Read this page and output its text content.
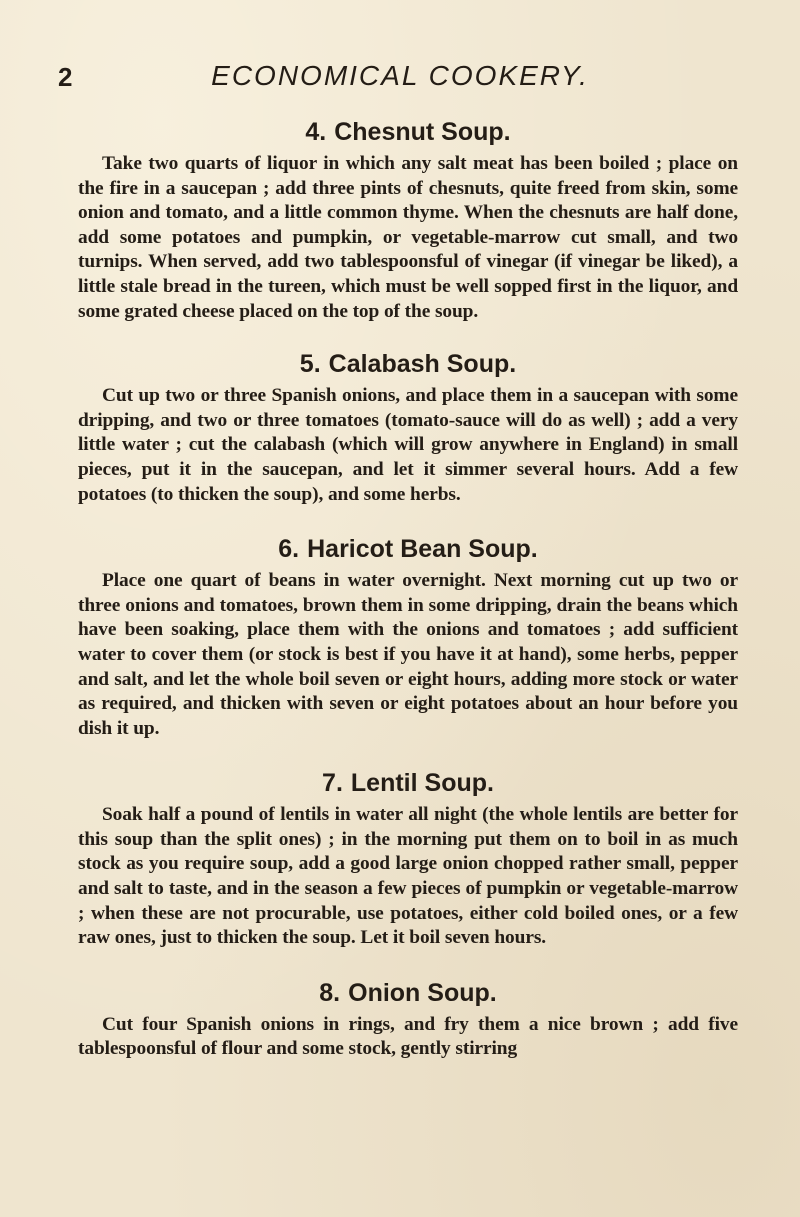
2	ECONOMICAL COOKERY.
4. Chesnut Soup.

Take two quarts of liquor in which any salt meat has been boiled ; place on the fire in a saucepan ; add three pints of chesnuts, quite freed from skin, some onion and tomato, and a little common thyme. When the chesnuts are half done, add some potatoes and pumpkin, or vegetable-marrow cut small, and two turnips. When served, add two tablespoonsful of vinegar (if vinegar be liked), a little stale bread in the tureen, which must be well sopped first in the liquor, and some grated cheese placed on the top of the soup.

5. Calabash Soup.

Cut up two or three Spanish onions, and place them in a saucepan with some dripping, and two or three tomatoes (tomato-sauce will do as well) ; add a very little water ; cut the calabash (which will grow anywhere in England) in small pieces, put it in the saucepan, and let it simmer several hours. Add a few potatoes (to thicken the soup), and some herbs.

6. Haricot Bean Soup.

Place one quart of beans in water overnight. Next morning cut up two or three onions and tomatoes, brown them in some dripping, drain the beans which have been soaking, place them with the onions and tomatoes ; add sufficient water to cover them (or stock is best if you have it at hand), some herbs, pepper and salt, and let the whole boil seven or eight hours, adding more stock or water as required, and thicken with seven or eight potatoes about an hour before you dish it up.

7. Lentil Soup.

Soak half a pound of lentils in water all night (the whole lentils are better for this soup than the split ones) ; in the morning put them on to boil in as much stock as you require soup, add a good large onion chopped rather small, pepper and salt to taste, and in the season a few pieces of pumpkin or vegetable-marrow ; when these are not procurable, use potatoes, either cold boiled ones, or a few raw ones, just to thicken the soup. Let it boil seven hours.

8. Onion Soup.

Cut four Spanish onions in rings, and fry them a nice brown ; add five tablespoonsful of flour and some stock, gently stirring
